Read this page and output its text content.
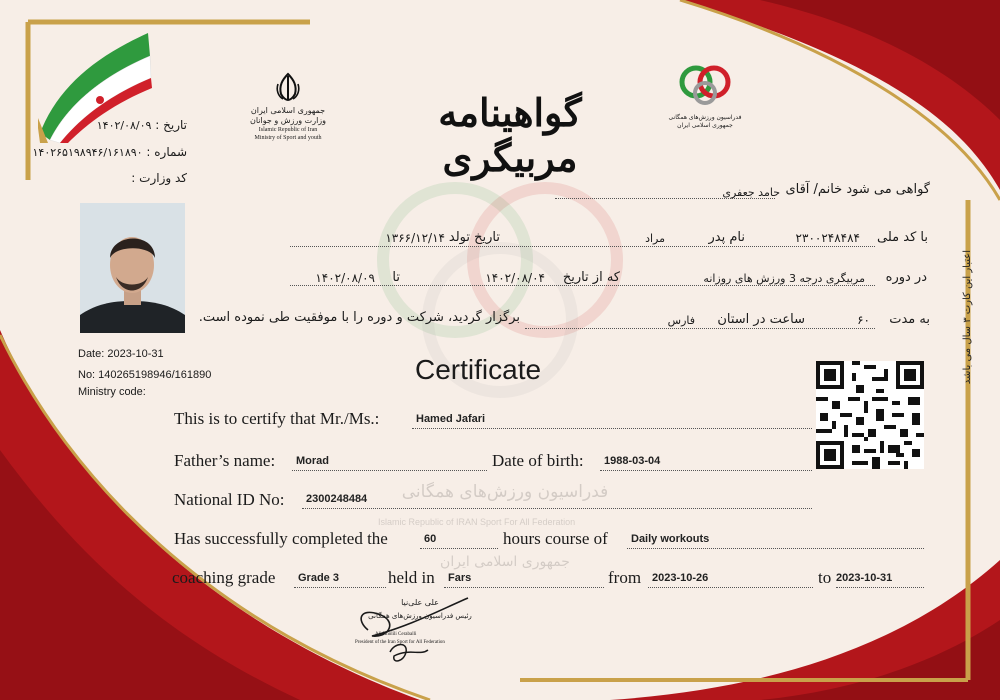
تاریخ : ۱۴۰۲/۰۸/۰۹
شماره : ۱۴۰۲۶۵۱۹۸۹۴۶/۱۶۱۸۹۰
کد وزارت :
جمهوری اسلامی ایران
وزارت ورزش و جوانان
Islamic Republic of Iran
Ministry of Sport and youth
گواهینامه مربیگری
فدراسیون ورزش‌های همگانی
جمهوری اسلامی ایران
گواهی می شود خانم/ آقای
حامد جعفری
با کد ملی
۲۳۰۰۲۴۸۴۸۴
نام پدر
مراد
تاریخ تولد
۱۳۶۶/۱۲/۱۴
در دوره
مربیگری درجه 3 ورزش های روزانه
که از تاریخ
۱۴۰۲/۰۸/۰۴
تا
۱۴۰۲/۰۸/۰۹
به مدت
۶۰
ساعت در استان
فارس
برگزار گردید، شرکت و دوره را با موفقیت طی نموده است.
Date: 2023-10-31
No: 140265198946/161890
Ministry code:
فدراسیون ورزش‌های همگانی
Islamic Republic of IRAN Sport For All Federation
جمهوری اسلامی ایران
Certificate
This is to certify that Mr./Ms.:	Hamed Jafari
Father’s name: Morad	Date of birth: 1988-03-04
National ID No: 2300248484
Has successfully completed the	60	hours course of Daily workouts
coaching grade Grade 3	held in Fars	from 2023-10-26	to 2023-10-31
اعتبار این کارت ۳ سال می باشد
علی علی‌نیا
رئیس فدراسیون ورزش‌های همگانی
Ali Kholili Ceraballi
President of the Iran Sport for All Federation
